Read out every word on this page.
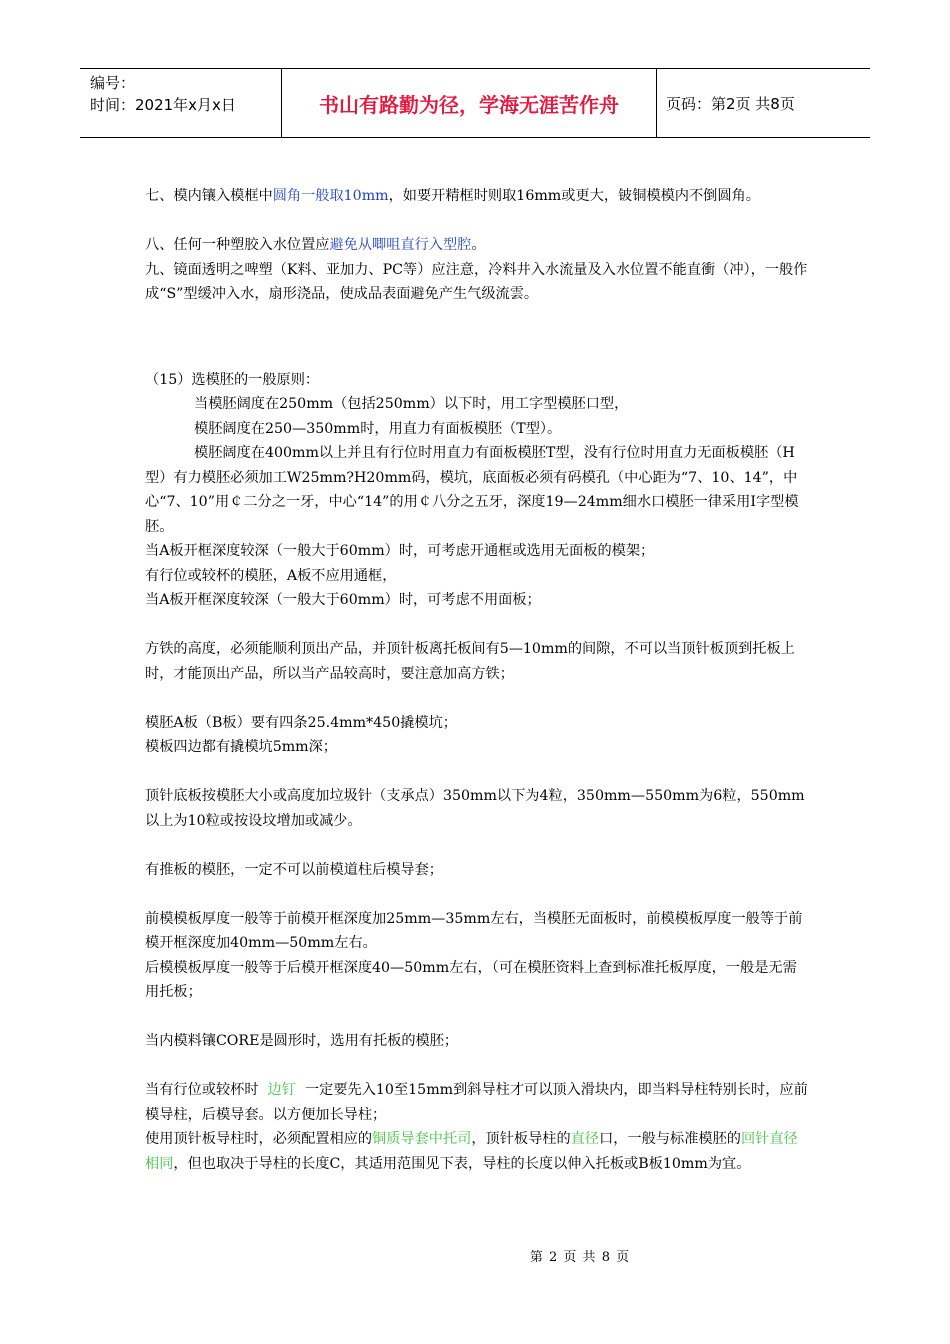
编号：
时间：2021年x月x日	书山有路勤为径，学海无涯苦作舟	页码：第2页 共8页

七、模内镶入模框中圆角一般取10mm，如要开精框时则取16mm或更大，铍铜模模内不倒圆角。

八、任何一种塑胶入水位置应避免从唧咀直行入型腔。

九、镜面透明之啤塑（K料、亚加力、PC等）应注意，冷料井入水流量及入水位置不能直衝（冲），一般作成“S”型缓冲入水，扇形浇品，使成品表面避免产生气级流雲。

（15）选模胚的一般原则：

当模胚阔度在250mm（包括250mm）以下时，用工字型模胚口型，

模胚阔度在250—350mm时，用直力有面板模胚（T型）。

模胚阔度在400mm以上并且有行位时用直力有面板模胚T型，没有行位时用直力无面板模胚（H型）有力模胚必须加工W25mm?H20mm码，模坑，底面板必须有码模孔（中心距为“7、10、14”，中心“7、10”用￠二分之一牙，中心“14”的用￠八分之五牙，深度19—24mm细水口模胚一律采用I字型模胚。

当A板开框深度较深（一般大于60mm）时，可考虑开通框或选用无面板的模架；

有行位或较杯的模胚，A板不应用通框，

当A板开框深度较深（一般大于60mm）时，可考虑不用面板；

方铁的高度，必须能顺利顶出产品，并顶针板离托板间有5—10mm的间隙，不可以当顶针板顶到托板上时，才能顶出产品，所以当产品较高时，要注意加高方铁；

模胚A板（B板）要有四条25.4mm*450撬模坑；

模板四边都有撬模坑5mm深；

顶针底板按模胚大小或高度加垃圾针（支承点）350mm以下为4粒，350mm—550mm为6粒，550mm以上为10粒或按设坟增加或减少。

有推板的模胚，一定不可以前模道柱后模导套；

前模模板厚度一般等于前模开框深度加25mm—35mm左右，当模胚无面板时，前模模板厚度一般等于前模开框深度加40mm—50mm左右。

后模模板厚度一般等于后模开框深度40—50mm左右，（可在模胚资料上查到标准托板厚度，一般是无需用托板；

当内模料镶CORE是圆形时，选用有托板的模胚；

当有行位或较杯时 边钉 一定要先入10至15mm到斜导柱才可以顶入滑块内，即当料导柱特别长时，应前模导柱，后模导套。以方便加长导柱；

使用顶针板导柱时，必须配置相应的铜质导套中托司，顶针板导柱的直径口，一般与标准模胚的回针直径相同，但也取决于导柱的长度C，其适用范围见下表，导柱的长度以伸入托板或B板10mm为宜。

第 2 页 共 8 页
